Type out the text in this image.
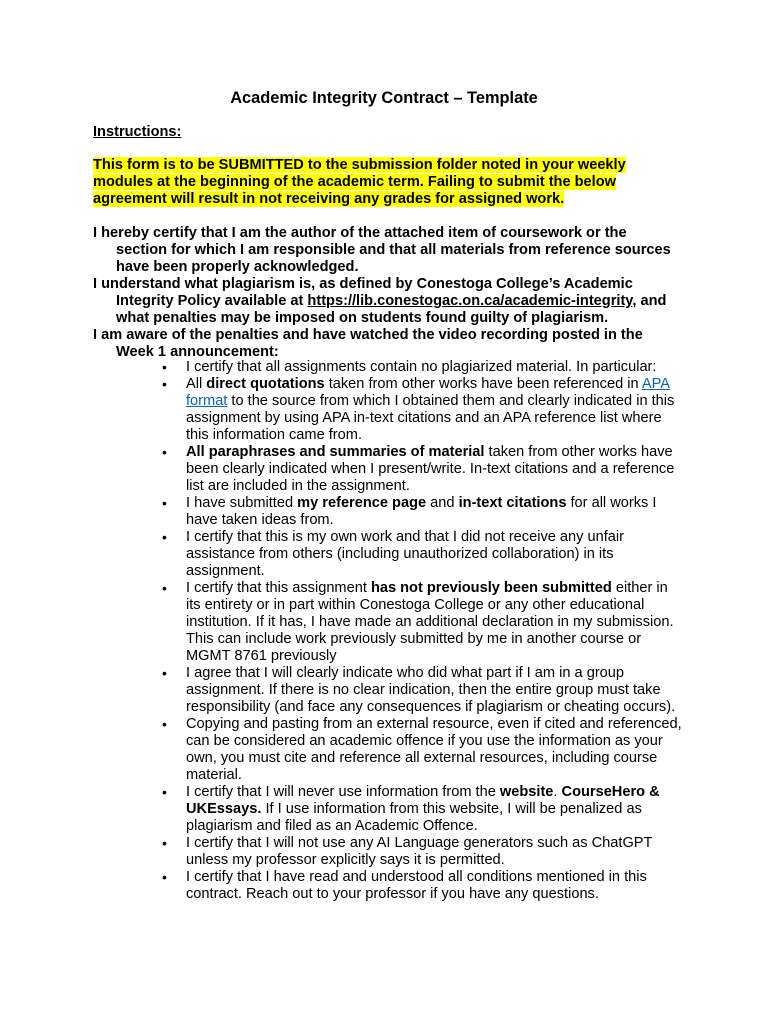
Academic Integrity Contract – Template
Instructions:
This form is to be SUBMITTED to the submission folder noted in your weekly modules at the beginning of the academic term. Failing to submit the below agreement will result in not receiving any grades for assigned work.

I hereby certify that I am the author of the attached item of coursework or the section for which I am responsible and that all materials from reference sources have been properly acknowledged.

I understand what plagiarism is, as defined by Conestoga College’s Academic Integrity Policy available at https://lib.conestogac.on.ca/academic-integrity, and what penalties may be imposed on students found guilty of plagiarism.

I am aware of the penalties and have watched the video recording posted in the Week 1 announcement:

•	I certify that all assignments contain no plagiarized material. In particular:
•	All direct quotations taken from other works have been referenced in APA format to the source from which I obtained them and clearly indicated in this assignment by using APA in-text citations and an APA reference list where this information came from.
•	All paraphrases and summaries of material taken from other works have been clearly indicated when I present/write. In-text citations and a reference list are included in the assignment.
•	I have submitted my reference page and in-text citations for all works I have taken ideas from.
•	I certify that this is my own work and that I did not receive any unfair assistance from others (including unauthorized collaboration) in its assignment.
•	I certify that this assignment has not previously been submitted either in its entirety or in part within Conestoga College or any other educational institution. If it has, I have made an additional declaration in my submission. This can include work previously submitted by me in another course or MGMT 8761 previously
•	I agree that I will clearly indicate who did what part if I am in a group assignment. If there is no clear indication, then the entire group must take responsibility (and face any consequences if plagiarism or cheating occurs).
•	Copying and pasting from an external resource, even if cited and referenced, can be considered an academic offence if you use the information as your own, you must cite and reference all external resources, including course material.
•	I certify that I will never use information from the website. CourseHero & UKEssays. If I use information from this website, I will be penalized as plagiarism and filed as an Academic Offence.
•	I certify that I will not use any AI Language generators such as ChatGPT unless my professor explicitly says it is permitted.
•	I certify that I have read and understood all conditions mentioned in this contract. Reach out to your professor if you have any questions.
